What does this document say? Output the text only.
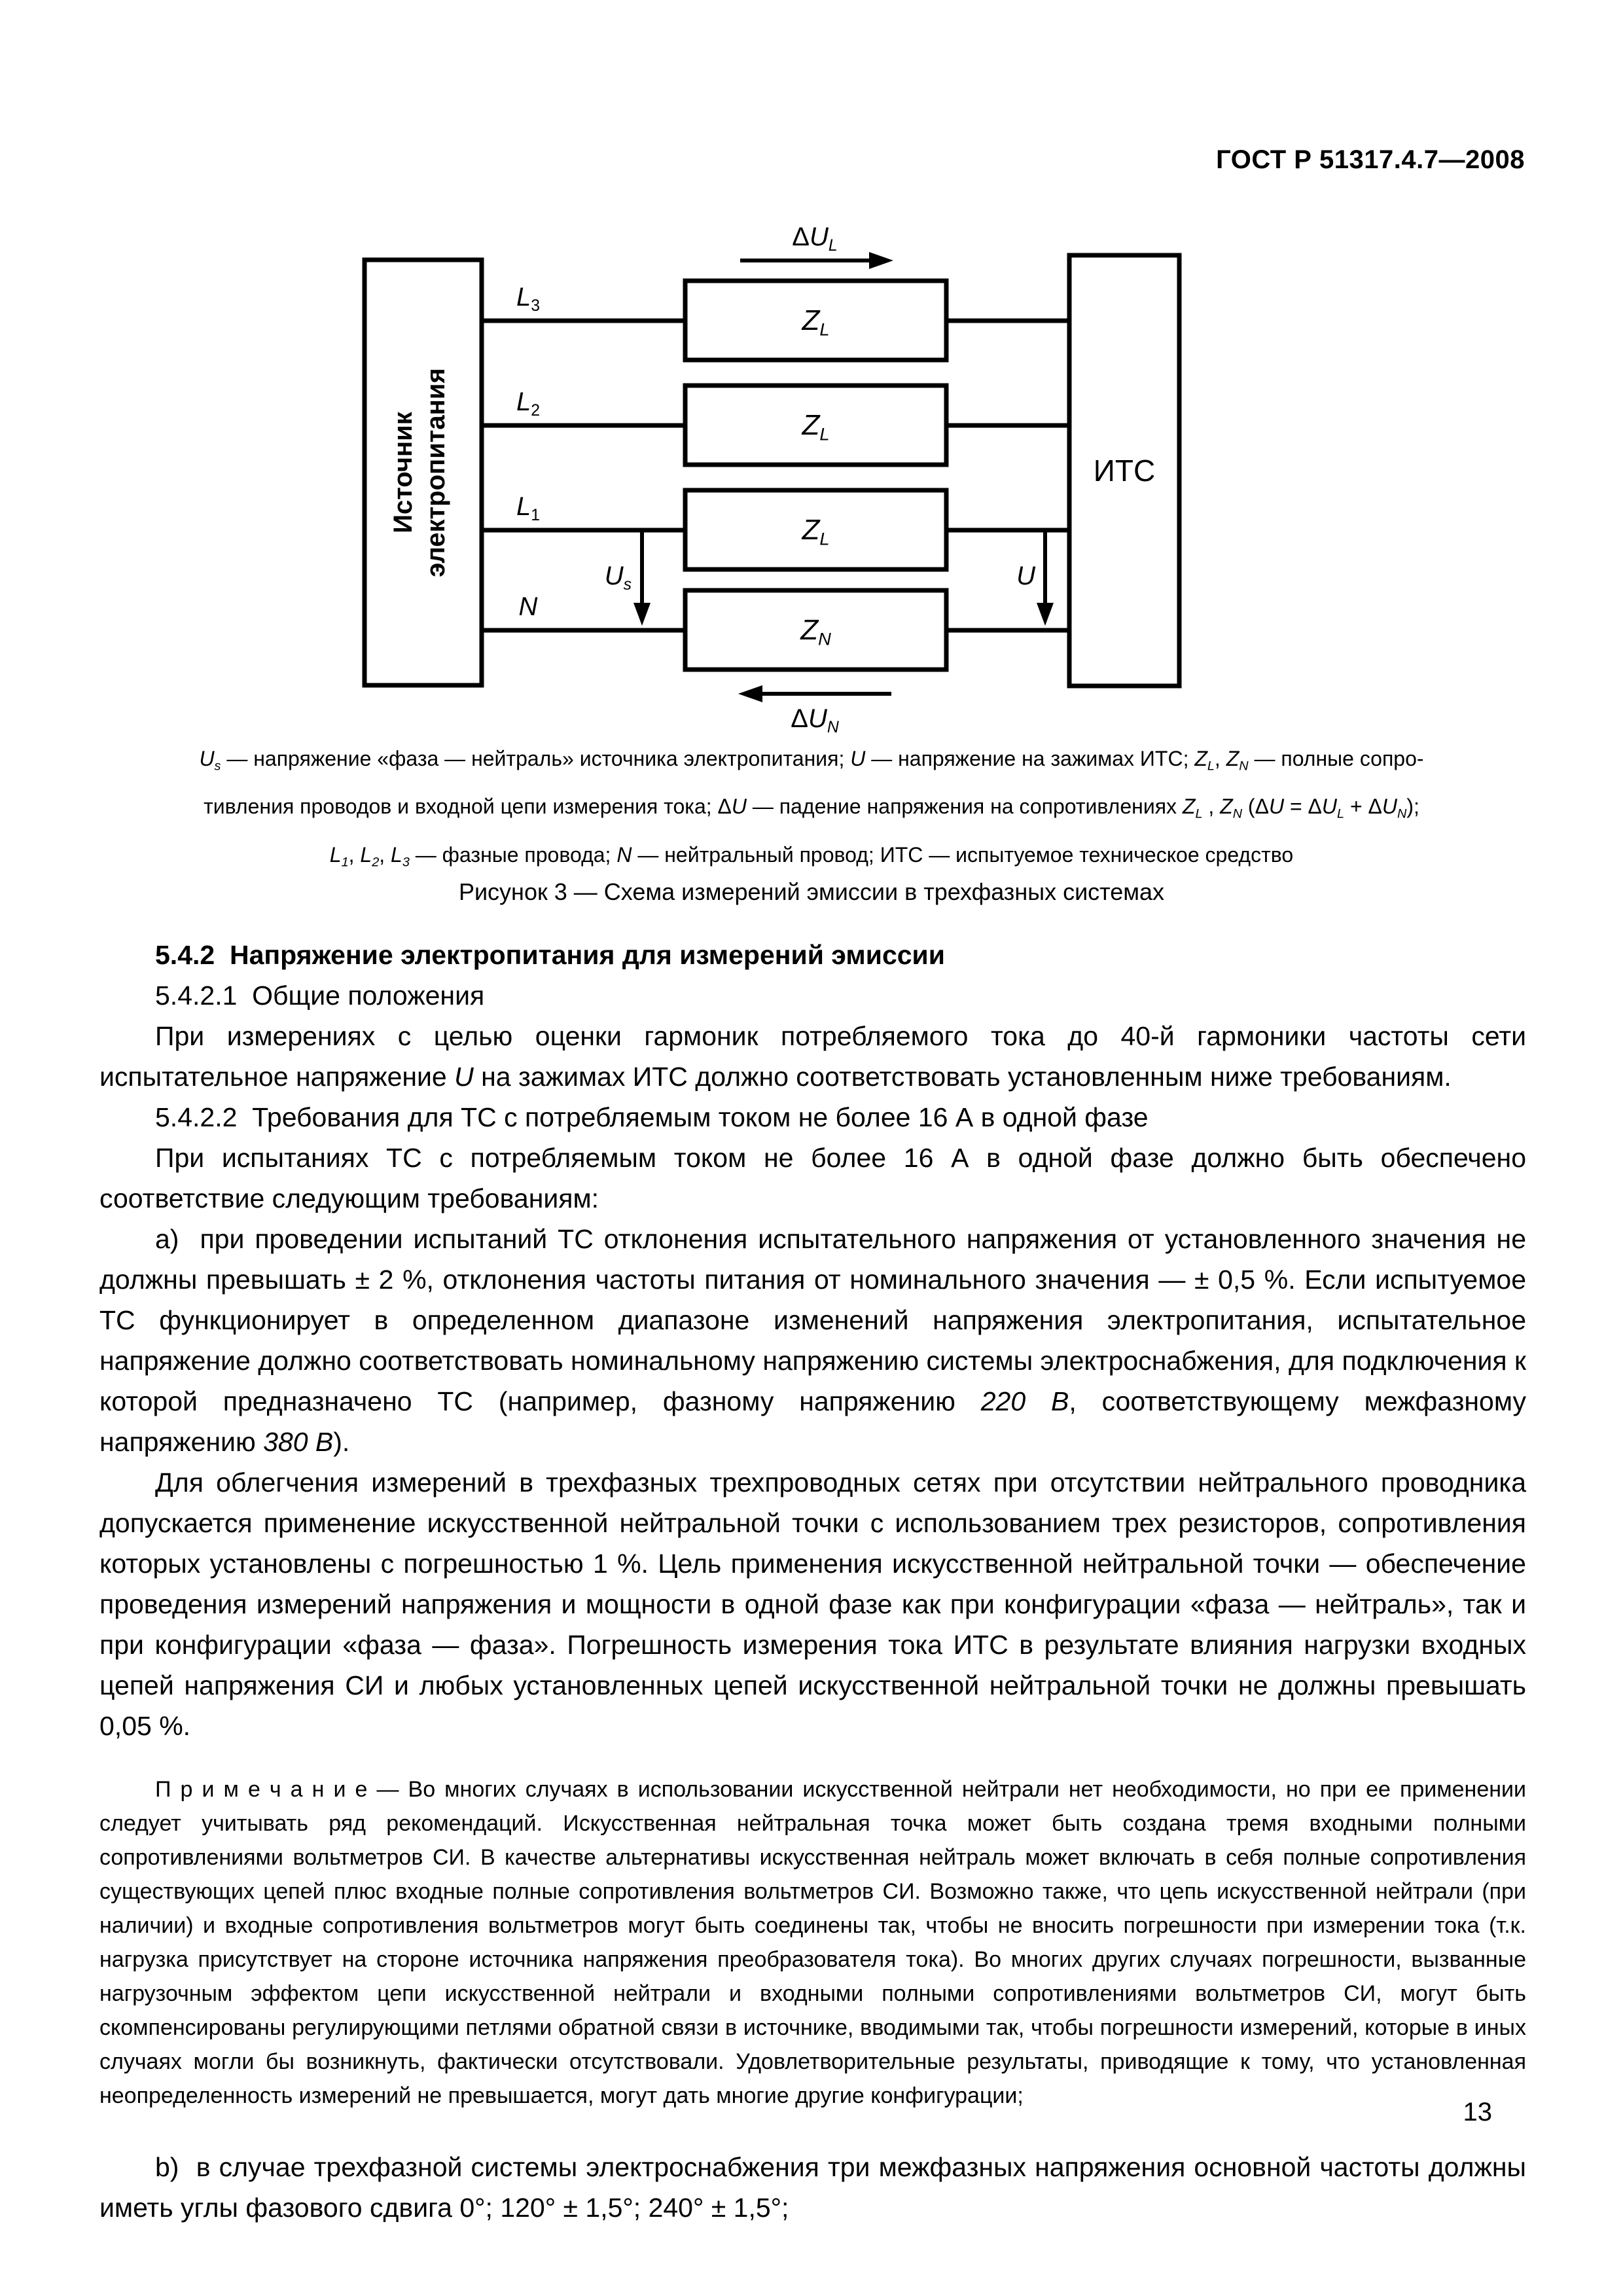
ГОСТ Р 51317.4.7—2008
Источник электропитания	ИТС
L3
L2
L1
N
ZL
ZL
ZL
ZN
ΔUL
ΔUN
Us	U
Us — напряжение «фаза — нейтраль» источника электропитания; U — напряжение на зажимах ИТС; ZL, ZN — полные сопро-
тивления проводов и входной цепи измерения тока; ΔU — падение напряжения на сопротивлениях ZL , ZN (ΔU = ΔUL + ΔUN);
L1, L2, L3 — фазные провода; N — нейтральный провод; ИТС — испытуемое техническое средство
Рисунок 3 — Схема измерений эмиссии в трехфазных системах

5.4.2  Напряжение электропитания для измерений эмиссии

5.4.2.1  Общие положения

При измерениях с целью оценки гармоник потребляемого тока до 40-й гармоники частоты сети испытательное напряжение U на зажимах ИТС должно соответствовать установленным ниже требованиям.

5.4.2.2  Требования для ТС с потребляемым током не более 16 А в одной фазе

При испытаниях ТС с потребляемым током не более 16 А в одной фазе должно быть обеспечено соответствие следующим требованиям:

a)  при проведении испытаний ТС отклонения испытательного напряжения от установленного значения не должны превышать ± 2 %, отклонения частоты питания от номинального значения — ± 0,5 %. Если испытуемое ТС функционирует в определенном диапазоне изменений напряжения электропитания, испытательное напряжение должно соответствовать номинальному напряжению системы электроснабжения, для подключения к которой предназначено ТС (например, фазному напряжению 220 В, соответствующему межфазному напряжению 380 В).

Для облегчения измерений в трехфазных трехпроводных сетях при отсутствии нейтрального проводника допускается применение искусственной нейтральной точки с использованием трех резисторов, сопротивления которых установлены с погрешностью 1 %. Цель применения искусственной нейтральной точки — обеспечение проведения измерений напряжения и мощности в одной фазе как при конфигурации «фаза — нейтраль», так и при конфигурации «фаза — фаза». Погрешность измерения тока ИТС в результате влияния нагрузки входных цепей напряжения СИ и любых установленных цепей искусственной нейтральной точки не должны превышать 0,05 %.

П р и м е ч а н и е — Во многих случаях в использовании искусственной нейтрали нет необходимости, но при ее применении следует учитывать ряд рекомендаций. Искусственная нейтральная точка может быть создана тремя входными полными сопротивлениями вольтметров СИ. В качестве альтернативы искусственная нейтраль может включать в себя полные сопротивления существующих цепей плюс входные полные сопротивления вольтметров СИ. Возможно также, что цепь искусственной нейтрали (при наличии) и входные сопротивления вольтметров могут быть соединены так, чтобы не вносить погрешности при измерении тока (т.к. нагрузка присутствует на стороне источника напряжения преобразователя тока). Во многих других случаях погрешности, вызванные нагрузочным эффектом цепи искусственной нейтрали и входными полными сопротивлениями вольтметров СИ, могут быть скомпенсированы регулирующими петлями обратной связи в источнике, вводимыми так, чтобы погрешности измерений, которые в иных случаях могли бы возникнуть, фактически отсутствовали. Удовлетворительные результаты, приводящие к тому, что установленная неопределенность измерений не превышается, могут дать многие другие конфигурации;

b)  в случае трехфазной системы электроснабжения три межфазных напряжения основной частоты должны иметь углы фазового сдвига 0°; 120° ± 1,5°; 240° ± 1,5°;

13
